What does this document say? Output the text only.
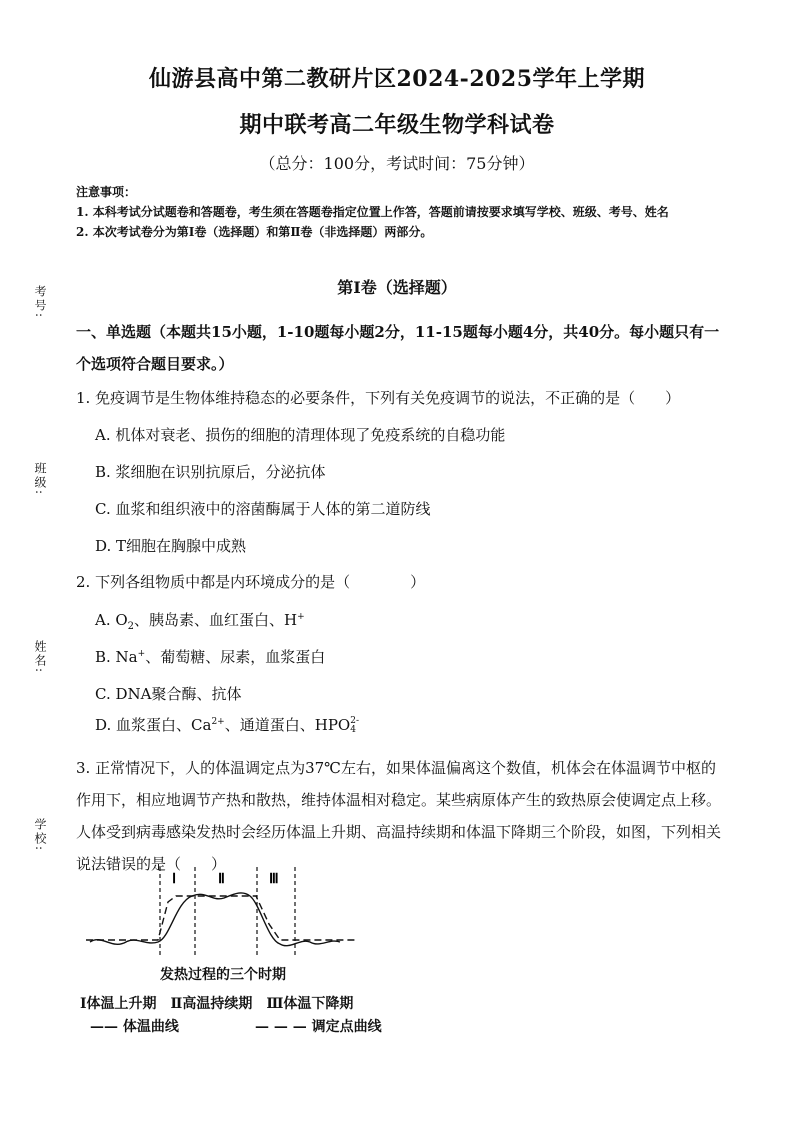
仙游县高中第二教研片区2024-2025学年上学期
期中联考高二年级生物学科试卷
（总分：100分，考试时间：75分钟）
注意事项：
1. 本科考试分试题卷和答题卷，考生须在答题卷指定位置上作答，答题前请按要求填写学校、班级、考号、姓名
2. 本次考试卷分为第Ⅰ卷（选择题）和第Ⅱ卷（非选择题）两部分。
考号:
班级:
姓名:
学校:
第Ⅰ卷（选择题）
一、单选题（本题共15小题，1-10题每小题2分，11-15题每小题4分，共40分。每小题只有一个选项符合题目要求。）
1. 免疫调节是生物体维持稳态的必要条件，下列有关免疫调节的说法，不正确的是（　　）
A. 机体对衰老、损伤的细胞的清理体现了免疫系统的自稳功能
B. 浆细胞在识别抗原后，分泌抗体
C. 血浆和组织液中的溶菌酶属于人体的第二道防线
D. T细胞在胸腺中成熟
2. 下列各组物质中都是内环境成分的是（　　　　）
A. $O_2$、胰岛素、血红蛋白、H+
B. Na+、葡萄糖、尿素，血浆蛋白
C. DNA聚合酶、抗体
D. 血浆蛋白、$Ca^{2+}$、通道蛋白、HPO 2-
4
3. 正常情况下，人的体温调定点为37℃左右，如果体温偏离这个数值，机体会在体温调节中枢的作用下，相应地调节产热和散热，维持体温相对稳定。某些病原体产生的致热原会使调定点上移。人体受到病毒感染发热时会经历体温上升期、高温持续期和体温下降期三个阶段，如图，下列相关说法错误的是（　　）
Ⅰ	Ⅱ	Ⅲ
发热过程的三个时期
Ⅰ体温上升期　Ⅱ高温持续期　Ⅲ体温下降期
—— 体温曲线	— — — 调定点曲线
